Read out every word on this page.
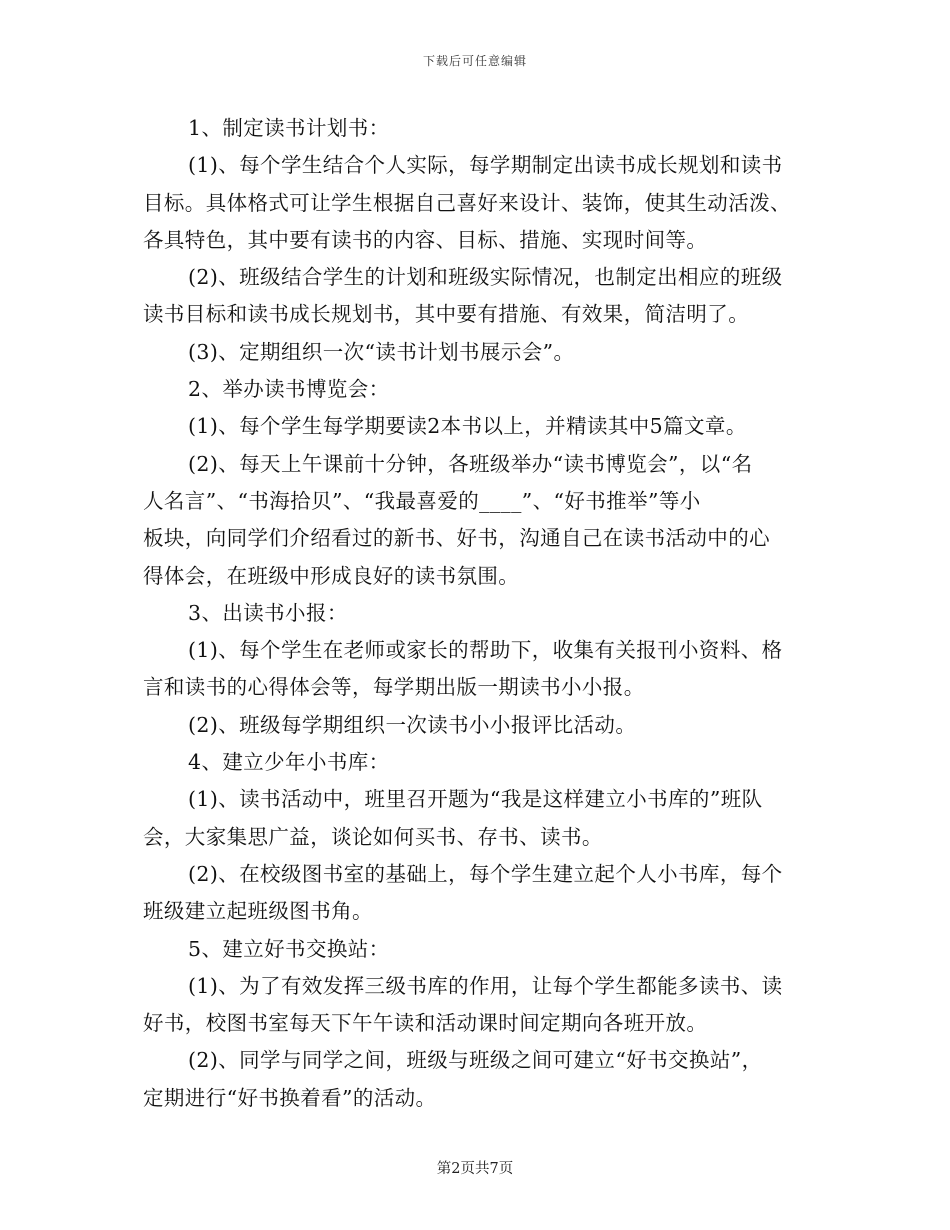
下载后可任意编辑
1、制定读书计划书：
(1)、每个学生结合个人实际，每学期制定出读书成长规划和读书
目标。具体格式可让学生根据自己喜好来设计、装饰，使其生动活泼、
各具特色，其中要有读书的内容、目标、措施、实现时间等。
(2)、班级结合学生的计划和班级实际情况，也制定出相应的班级
读书目标和读书成长规划书，其中要有措施、有效果，简洁明了。
(3)、定期组织一次“读书计划书展示会”。
2、举办读书博览会：
(1)、每个学生每学期要读2本书以上，并精读其中5篇文章。
(2)、每天上午课前十分钟，各班级举办“读书博览会”，以“名
人名言”、“书海拾贝”、“我最喜爱的____”、“好书推举”等小
板块，向同学们介绍看过的新书、好书，沟通自己在读书活动中的心
得体会，在班级中形成良好的读书氛围。
3、出读书小报：
(1)、每个学生在老师或家长的帮助下，收集有关报刊小资料、格
言和读书的心得体会等，每学期出版一期读书小小报。
(2)、班级每学期组织一次读书小小报评比活动。
4、建立少年小书库：
(1)、读书活动中，班里召开题为“我是这样建立小书库的”班队
会，大家集思广益，谈论如何买书、存书、读书。
(2)、在校级图书室的基础上，每个学生建立起个人小书库，每个
班级建立起班级图书角。
5、建立好书交换站：
(1)、为了有效发挥三级书库的作用，让每个学生都能多读书、读
好书，校图书室每天下午午读和活动课时间定期向各班开放。
(2)、同学与同学之间，班级与班级之间可建立“好书交换站”，
定期进行“好书换着看”的活动。
第2页共7页
